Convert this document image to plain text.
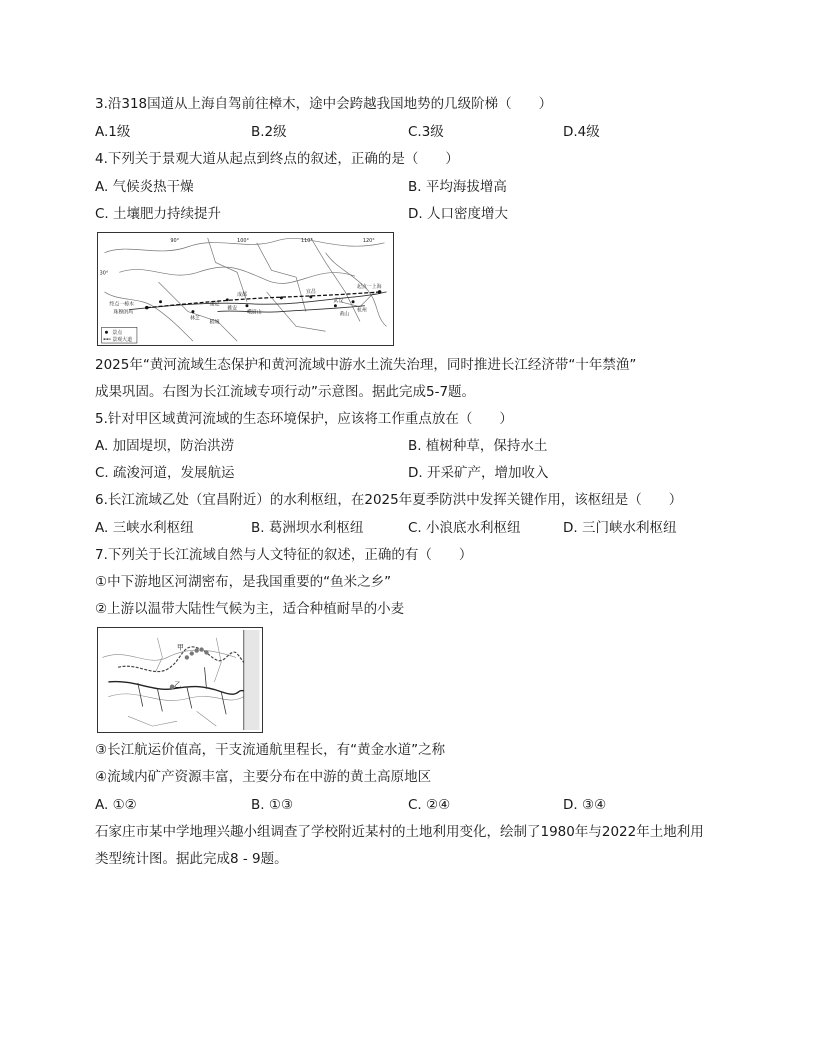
3.沿318国道从上海自驾前往樟木，途中会跨越我国地势的几级阶梯（　　）
A.1级	B.2级	C.3级	D.4级
4.下列关于景观大道从起点到终点的叙述，正确的是（　　）
A. 气候炎热干燥	B. 平均海拔增高
C. 土壤肥力持续提升	D. 人口密度增大
30°
90°	100°	110°	120°
起点一上海
成都
雅安
宜昌
武汉
杭州
黄山
终点一樟木
林芝
稻城
峨眉山
康定
珠穆朗玛
景点
景观大道
2025年“黄河流域生态保护和黄河流域中游水土流失治理，同时推进长江经济带“十年禁渔”
成果巩固。右图为长江流域专项行动”示意图。据此完成5-7题。
5.针对甲区域黄河流域的生态环境保护，应该将工作重点放在（　　）
A. 加固堤坝，防治洪涝	B. 植树种草，保持水土
C. 疏浚河道，发展航运	D. 开采矿产，增加收入
6.长江流域乙处（宜昌附近）的水利枢纽，在2025年夏季防洪中发挥关键作用，该枢纽是（　　）
A. 三峡水利枢纽	B. 葛洲坝水利枢纽	C. 小浪底水利枢纽	D. 三门峡水利枢纽
7.下列关于长江流域自然与人文特征的叙述，正确的有（　　）
①中下游地区河湖密布，是我国重要的“鱼米之乡”
②上游以温带大陆性气候为主，适合种植耐旱的小麦
甲
乙
③长江航运价值高，干支流通航里程长，有“黄金水道”之称
④流域内矿产资源丰富，主要分布在中游的黄土高原地区
A. ①②	B. ①③	C. ②④	D. ③④
石家庄市某中学地理兴趣小组调查了学校附近某村的土地利用变化，绘制了1980年与2022年土地利用
类型统计图。据此完成8 - 9题。
